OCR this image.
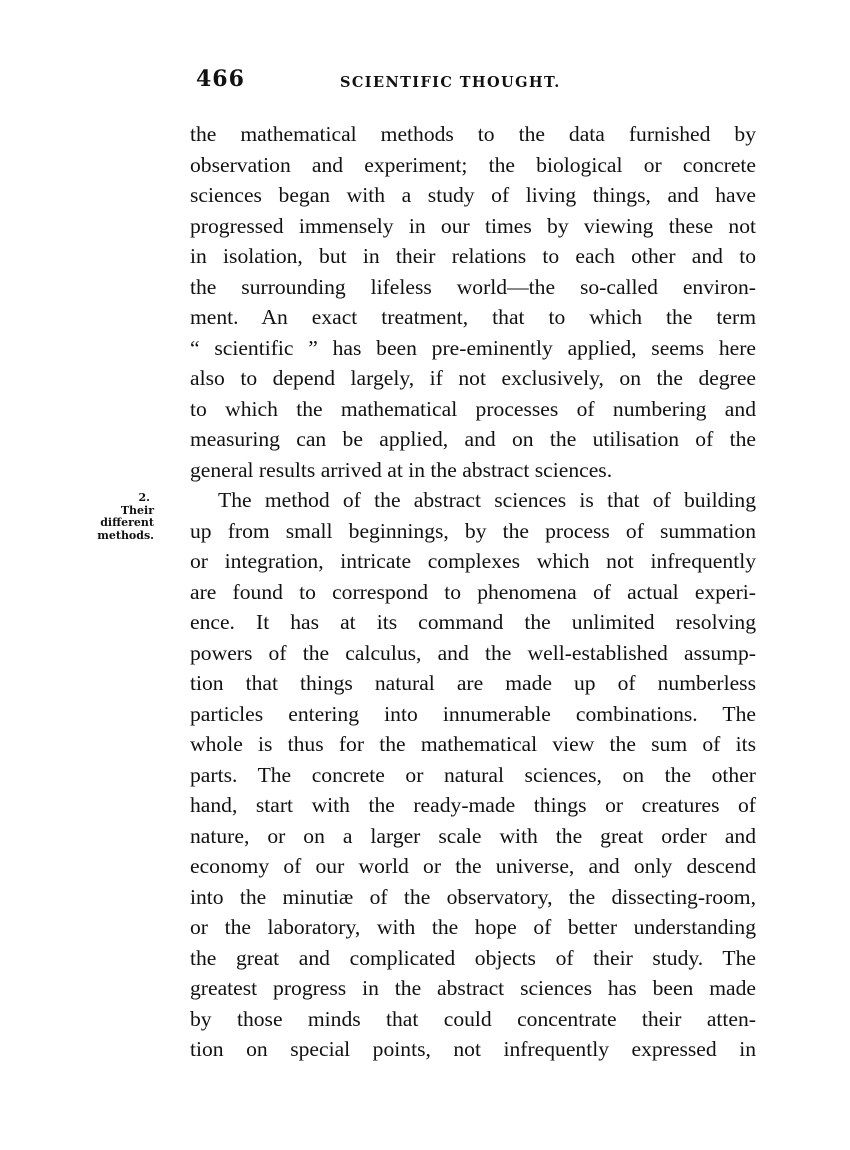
466	SCIENTIFIC THOUGHT.
2.
Their
different
methods.
the mathematical methods to the data furnished by
observation and experiment; the biological or concrete
sciences began with a study of living things, and have
progressed immensely in our times by viewing these not
in isolation, but in their relations to each other and to
the surrounding lifeless world—the so-called environ-
ment. An exact treatment, that to which the term
“ scientific ” has been pre-eminently applied, seems here
also to depend largely, if not exclusively, on the degree
to which the mathematical processes of numbering and
measuring can be applied, and on the utilisation of the
general results arrived at in the abstract sciences.
The method of the abstract sciences is that of building
up from small beginnings, by the process of summation
or integration, intricate complexes which not infrequently
are found to correspond to phenomena of actual experi-
ence. It has at its command the unlimited resolving
powers of the calculus, and the well-established assump-
tion that things natural are made up of numberless
particles entering into innumerable combinations. The
whole is thus for the mathematical view the sum of its
parts. The concrete or natural sciences, on the other
hand, start with the ready-made things or creatures of
nature, or on a larger scale with the great order and
economy of our world or the universe, and only descend
into the minutiæ of the observatory, the dissecting-room,
or the laboratory, with the hope of better understanding
the great and complicated objects of their study. The
greatest progress in the abstract sciences has been made
by those minds that could concentrate their atten-
tion on special points, not infrequently expressed in
